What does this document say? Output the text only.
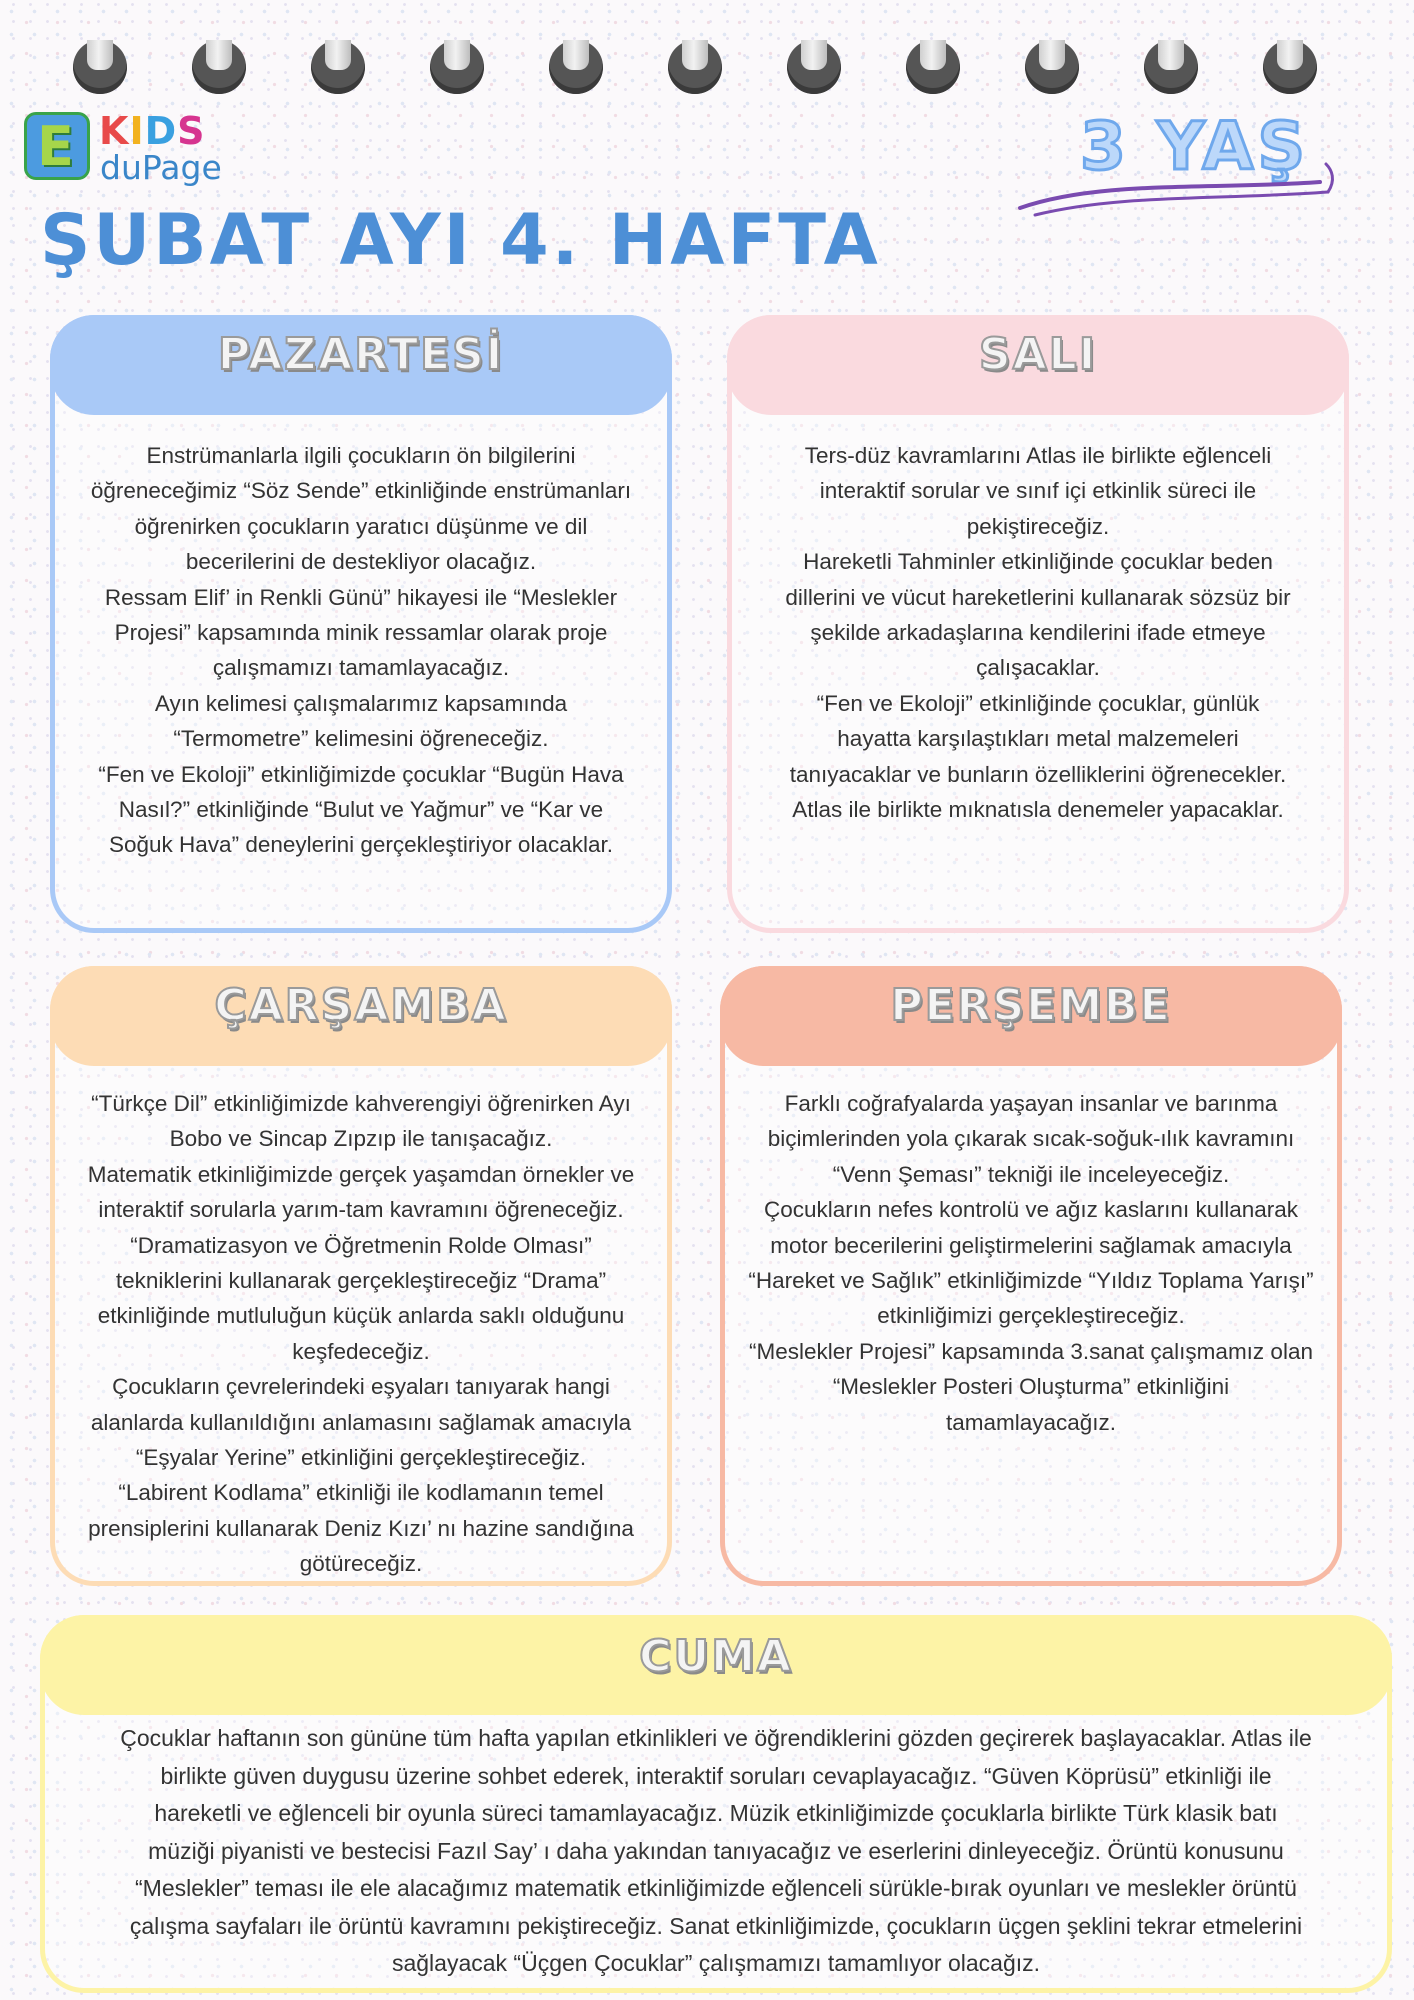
E KIDS
duPage	3 YAŞ
ŞUBAT AYI 4. HAFTA
PAZARTESİ

Enstrümanlarla ilgili çocukların ön bilgilerini

öğreneceğimiz “Söz Sende” etkinliğinde enstrümanları

öğrenirken çocukların yaratıcı düşünme ve dil

becerilerini de destekliyor olacağız.

Ressam Elif’ in Renkli Günü” hikayesi ile “Meslekler

Projesi” kapsamında minik ressamlar olarak proje

çalışmamızı tamamlayacağız.

Ayın kelimesi çalışmalarımız kapsamında

“Termometre” kelimesini öğreneceğiz.

“Fen ve Ekoloji” etkinliğimizde çocuklar “Bugün Hava

Nasıl?” etkinliğinde “Bulut ve Yağmur” ve “Kar ve

Soğuk Hava” deneylerini gerçekleştiriyor olacaklar.

SALI

Ters-düz kavramlarını Atlas ile birlikte eğlenceli

interaktif sorular ve sınıf içi etkinlik süreci ile

pekiştireceğiz.

Hareketli Tahminler etkinliğinde çocuklar beden

dillerini ve vücut hareketlerini kullanarak sözsüz bir

şekilde arkadaşlarına kendilerini ifade etmeye

çalışacaklar.

“Fen ve Ekoloji” etkinliğinde çocuklar, günlük

hayatta karşılaştıkları metal malzemeleri

tanıyacaklar ve bunların özelliklerini öğrenecekler.

Atlas ile birlikte mıknatısla denemeler yapacaklar.

ÇARŞAMBA

“Türkçe Dil” etkinliğimizde kahverengiyi öğrenirken Ayı

Bobo ve Sincap Zıpzıp ile tanışacağız.

Matematik etkinliğimizde gerçek yaşamdan örnekler ve

interaktif sorularla yarım-tam kavramını öğreneceğiz.

“Dramatizasyon ve Öğretmenin Rolde Olması”

tekniklerini kullanarak gerçekleştireceğiz “Drama”

etkinliğinde mutluluğun küçük anlarda saklı olduğunu

keşfedeceğiz.

Çocukların çevrelerindeki eşyaları tanıyarak hangi

alanlarda kullanıldığını anlamasını sağlamak amacıyla

“Eşyalar Yerine” etkinliğini gerçekleştireceğiz.

“Labirent Kodlama” etkinliği ile kodlamanın temel

prensiplerini kullanarak Deniz Kızı’ nı hazine sandığına

götüreceğiz.

PERŞEMBE

Farklı coğrafyalarda yaşayan insanlar ve barınma

biçimlerinden yola çıkarak sıcak-soğuk-ılık kavramını

“Venn Şeması” tekniği ile inceleyeceğiz.

Çocukların nefes kontrolü ve ağız kaslarını kullanarak

motor becerilerini geliştirmelerini sağlamak amacıyla

“Hareket ve Sağlık” etkinliğimizde “Yıldız Toplama Yarışı”

etkinliğimizi gerçekleştireceğiz.

“Meslekler Projesi” kapsamında 3.sanat çalışmamız olan

“Meslekler Posteri Oluşturma” etkinliğini

tamamlayacağız.

CUMA

Çocuklar haftanın son gününe tüm hafta yapılan etkinlikleri ve öğrendiklerini gözden geçirerek başlayacaklar. Atlas ile

birlikte güven duygusu üzerine sohbet ederek, interaktif soruları cevaplayacağız. “Güven Köprüsü” etkinliği ile

hareketli ve eğlenceli bir oyunla süreci tamamlayacağız. Müzik etkinliğimizde çocuklarla birlikte Türk klasik batı

müziği piyanisti ve bestecisi Fazıl Say’ ı daha yakından tanıyacağız ve eserlerini dinleyeceğiz. Örüntü konusunu

“Meslekler” teması ile ele alacağımız matematik etkinliğimizde eğlenceli sürükle-bırak oyunları ve meslekler örüntü

çalışma sayfaları ile örüntü kavramını pekiştireceğiz. Sanat etkinliğimizde, çocukların üçgen şeklini tekrar etmelerini

sağlayacak “Üçgen Çocuklar” çalışmamızı tamamlıyor olacağız.
